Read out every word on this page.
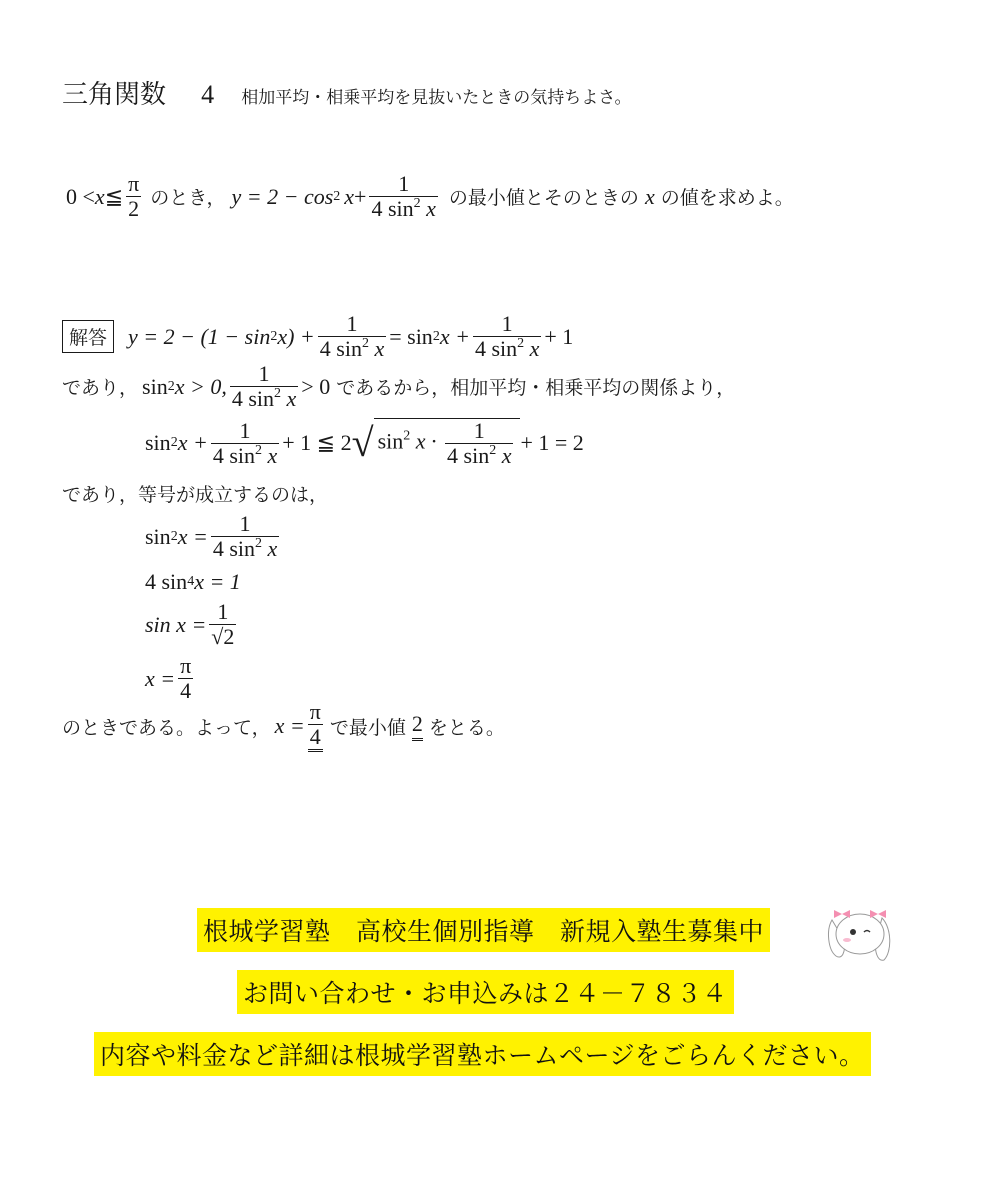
三角関数 4 相加平均・相乗平均を見抜いたときの気持ちよさ。
0 < x ≦ $\frac{\pi}{2}$ のとき， y = 2 − cos 2 $x + \frac{1}{4 \sin^2 x}$ の最小値とそのときの x の値を求めよ。
解答 y = 2 − (1 − sin 2 $x) + \frac{1}{4 \sin^2 x} = \sin 2$ $x + \frac{1}{4 \sin^2 x} + 1$
であり， sin 2 x > 0, $\frac{1}{4 \sin^2 x} > 0$ であるから，相加平均・相乗平均の関係より，
sin 2 $x + \frac{1}{4 \sin^2 x} + 1$ ≦ 2 √ $\sin^2 x \cdot \frac{1}{4 \sin^2 x} + 1 = 2$
であり，等号が成立するのは，
sin 2 $x = \frac{1}{4 \sin^2 x}$
4 sin 4 x = 1
$\sin x = \frac{1}{√2}$
$x = \frac{\pi}{4}$
のときである。よって， $x = \frac{\pi}{4}$ で最小値 2 をとる。
根城学習塾　高校生個別指導　新規入塾生募集中
お問い合わせ・お申込みは２４－７８３４
内容や料金など詳細は根城学習塾ホームページをごらんください。
